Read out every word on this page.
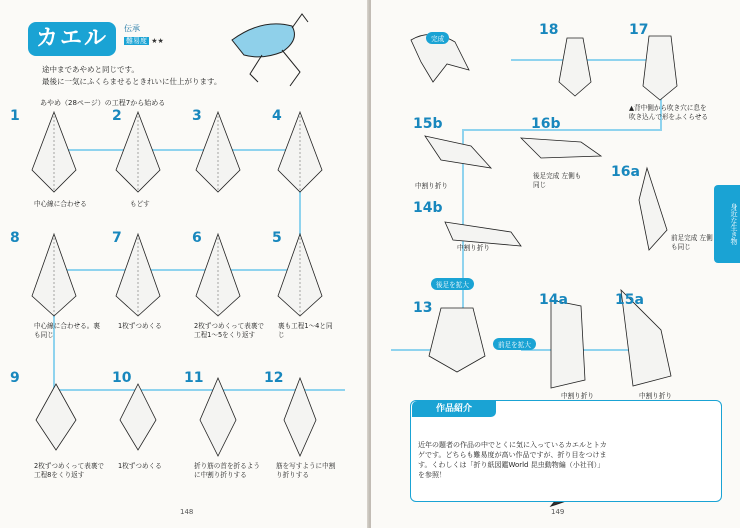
カエル	伝承
難易度 ★★
途中まであやめと同じです。
最後に一気にふくらませるときれいに仕上がります。
あやめ（28ページ）の工程7から始める
1	2	3	4
中心線に合わせる	もどす
8	7	6	5
中心線に合わせる。裏も同じ
1枚ずつめくる	2枚ずつめくって表裏で工程1〜5をくり返す
裏も工程1〜4と同じ
9	10	11	12
2枚ずつめくって表裏で工程8をくり返す
1枚ずつめくる	折り筋の首を折るように中割り折りする
筋を写すように中割り折りする
148
完成
18	17
▲背中側から吹き穴に息を吹き込んで形をふくらせる
15b
中割り折り
16b
後足完成 左側も同じ
16a
前足完成 左側も同じ
14b
中割り折り
後足を拡大
前足を拡大
13	14a
中割り折り
15a
中割り折り
身近な生き物
作品紹介
近年の題者の作品の中でとくに気に入っているカエルとトカゲです。どちらも難易度が高い作品ですが、折り目をつけます。くわしくは「折り紙図鑑World 昆虫動物編（小社刊）」を参照！
149
